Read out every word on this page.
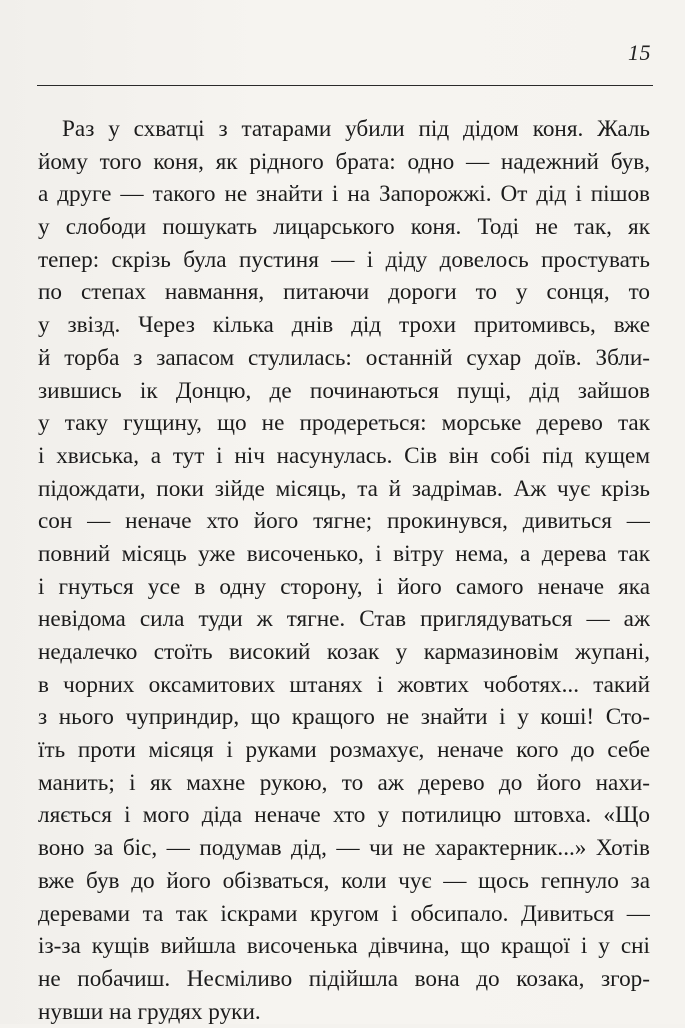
15
Раз у схватці з татарами убили під дідом коня. Жаль
йому того коня, як рідного брата: одно — надежний був,
а друге — такого не знайти і на Запорожжі. От дід і пішов
у слободи пошукать лицарського коня. Тоді не так, як
тепер: скрізь була пустиня — і діду довелось простувать
по степах навмання, питаючи дороги то у сонця, то
у звізд. Через кілька днів дід трохи притомивсь, вже
й торба з запасом стулилась: останній сухар доїв. Збли-
зившись ік Донцю, де починаються пущі, дід зайшов
у таку гущину, що не продереться: морське дерево так
і хвиська, а тут і ніч насунулась. Сів він собі під кущем
підождати, поки зійде місяць, та й задрімав. Аж чує крізь
сон — неначе хто його тягне; прокинувся, дивиться —
повний місяць уже височенько, і вітру нема, а дерева так
і гнуться усе в одну сторону, і його самого неначе яка
невідома сила туди ж тягне. Став приглядуваться — аж
недалечко стоїть високий козак у кармазиновім жупані,
в чорних оксамитових штанях і жовтих чоботях... такий
з нього чуприндир, що кращого не знайти і у коші! Сто-
їть проти місяця і руками розмахує, неначе кого до себе
манить; і як махне рукою, то аж дерево до його нахи-
ляється і мого діда неначе хто у потилицю штовха. «Що
воно за біс, — подумав дід, — чи не характерник...» Хотів
вже був до його обізваться, коли чує — щось гепнуло за
деревами та так іскрами кругом і обсипало. Дивиться —
із-за кущів вийшла височенька дівчина, що кращої і у сні
не побачиш. Несміливо підійшла вона до козака, згор-
нувши на грудях руки.
